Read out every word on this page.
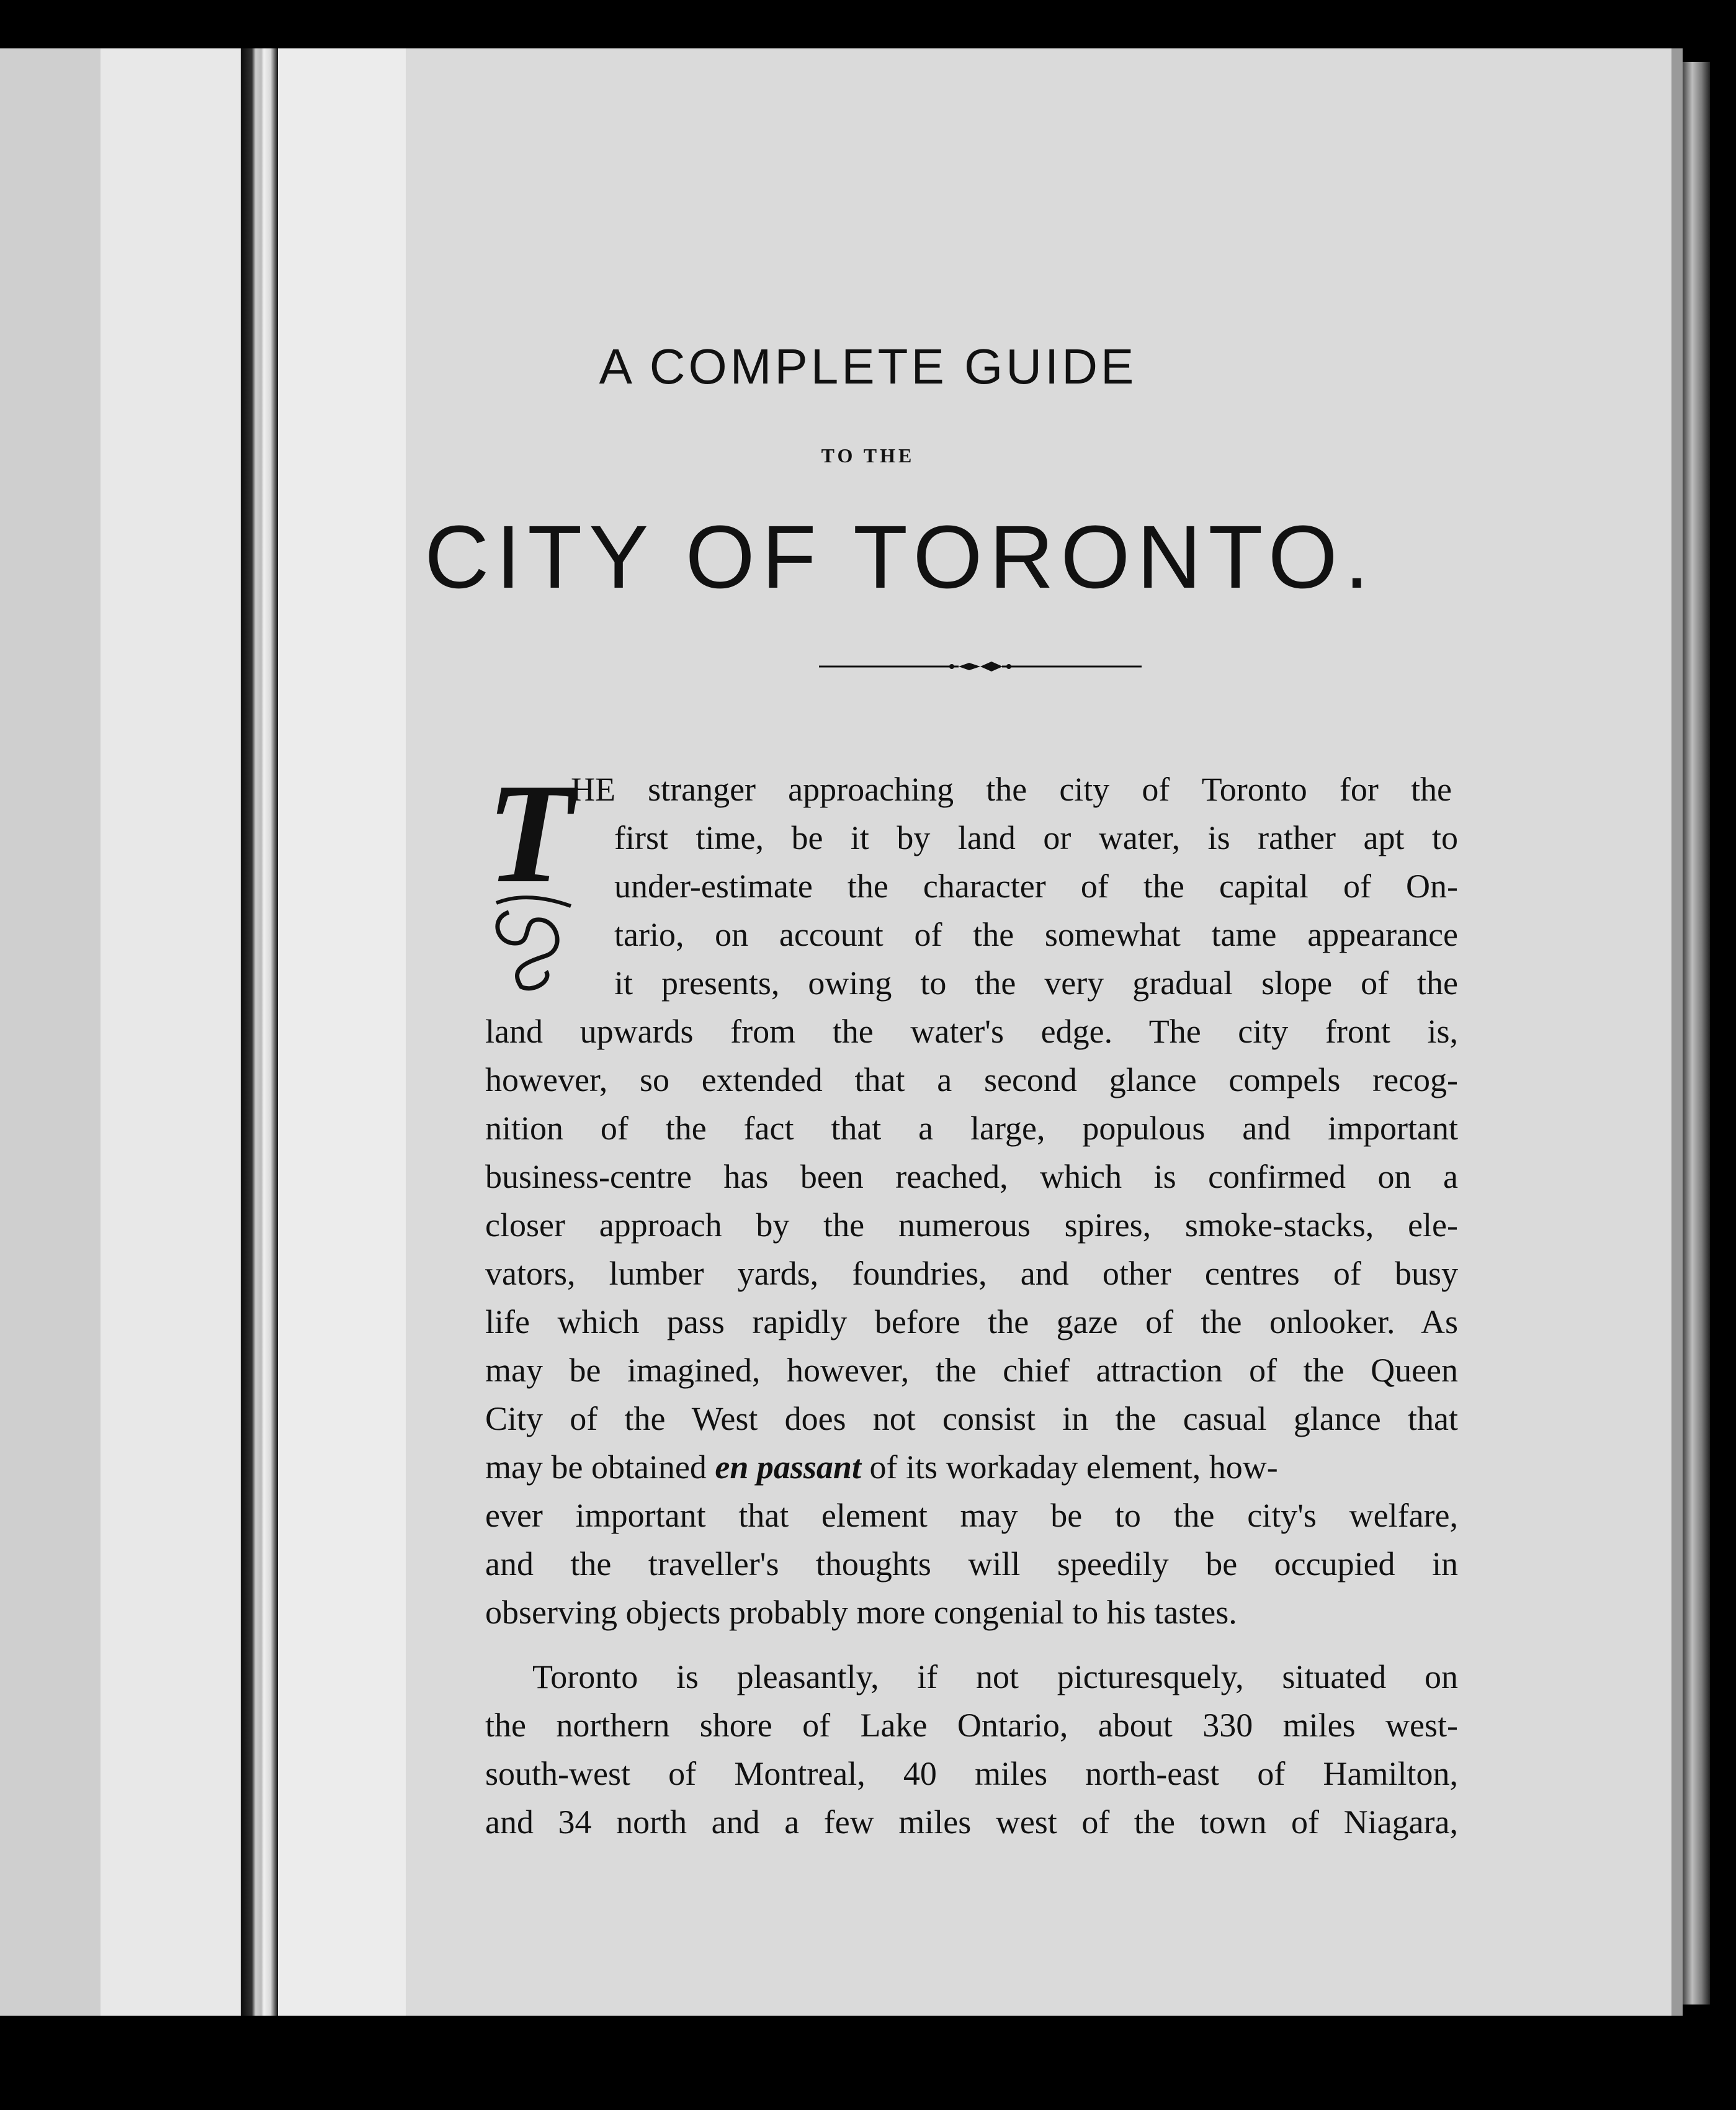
A COMPLETE GUIDE
TO THE
CITY OF TORONTO.
T
HE stranger approaching the city of Toronto for the
first time, be it by land or water, is rather apt to
under-estimate the character of the capital of On-
tario, on account of the somewhat tame appearance
it presents, owing to the very gradual slope of the
land upwards from the water's edge. The city front is,
however, so extended that a second glance compels recog-
nition of the fact that a large, populous and important
business-centre has been reached, which is confirmed on a
closer approach by the numerous spires, smoke-stacks, ele-
vators, lumber yards, foundries, and other centres of busy
life which pass rapidly before the gaze of the onlooker. As
may be imagined, however, the chief attraction of the Queen
City of the West does not consist in the casual glance that
may be obtained en passant of its workaday element, how-
ever important that element may be to the city's welfare,
and the traveller's thoughts will speedily be occupied in
observing objects probably more congenial to his tastes.
Toronto is pleasantly, if not picturesquely, situated on
the northern shore of Lake Ontario, about 330 miles west-
south-west of Montreal, 40 miles north-east of Hamilton,
and 34 north and a few miles west of the town of Niagara,
